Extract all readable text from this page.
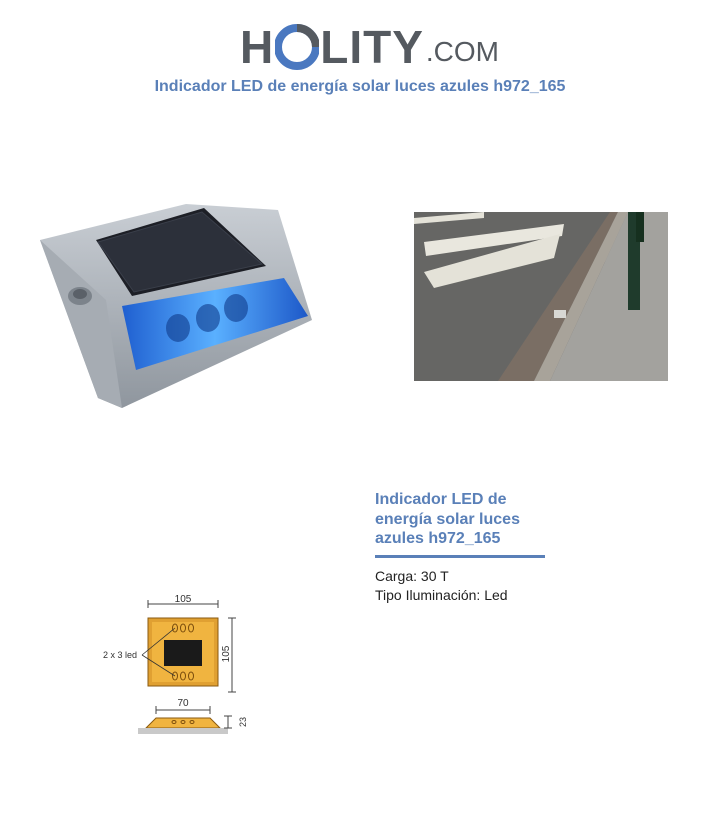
H LITY .COM
Indicador LED de energía solar luces azules h972_165
105
2 x 3 led	105
70
23
Indicador LED de energía solar luces azules h972_165

Carga: 30 T

Tipo Iluminación: Led
